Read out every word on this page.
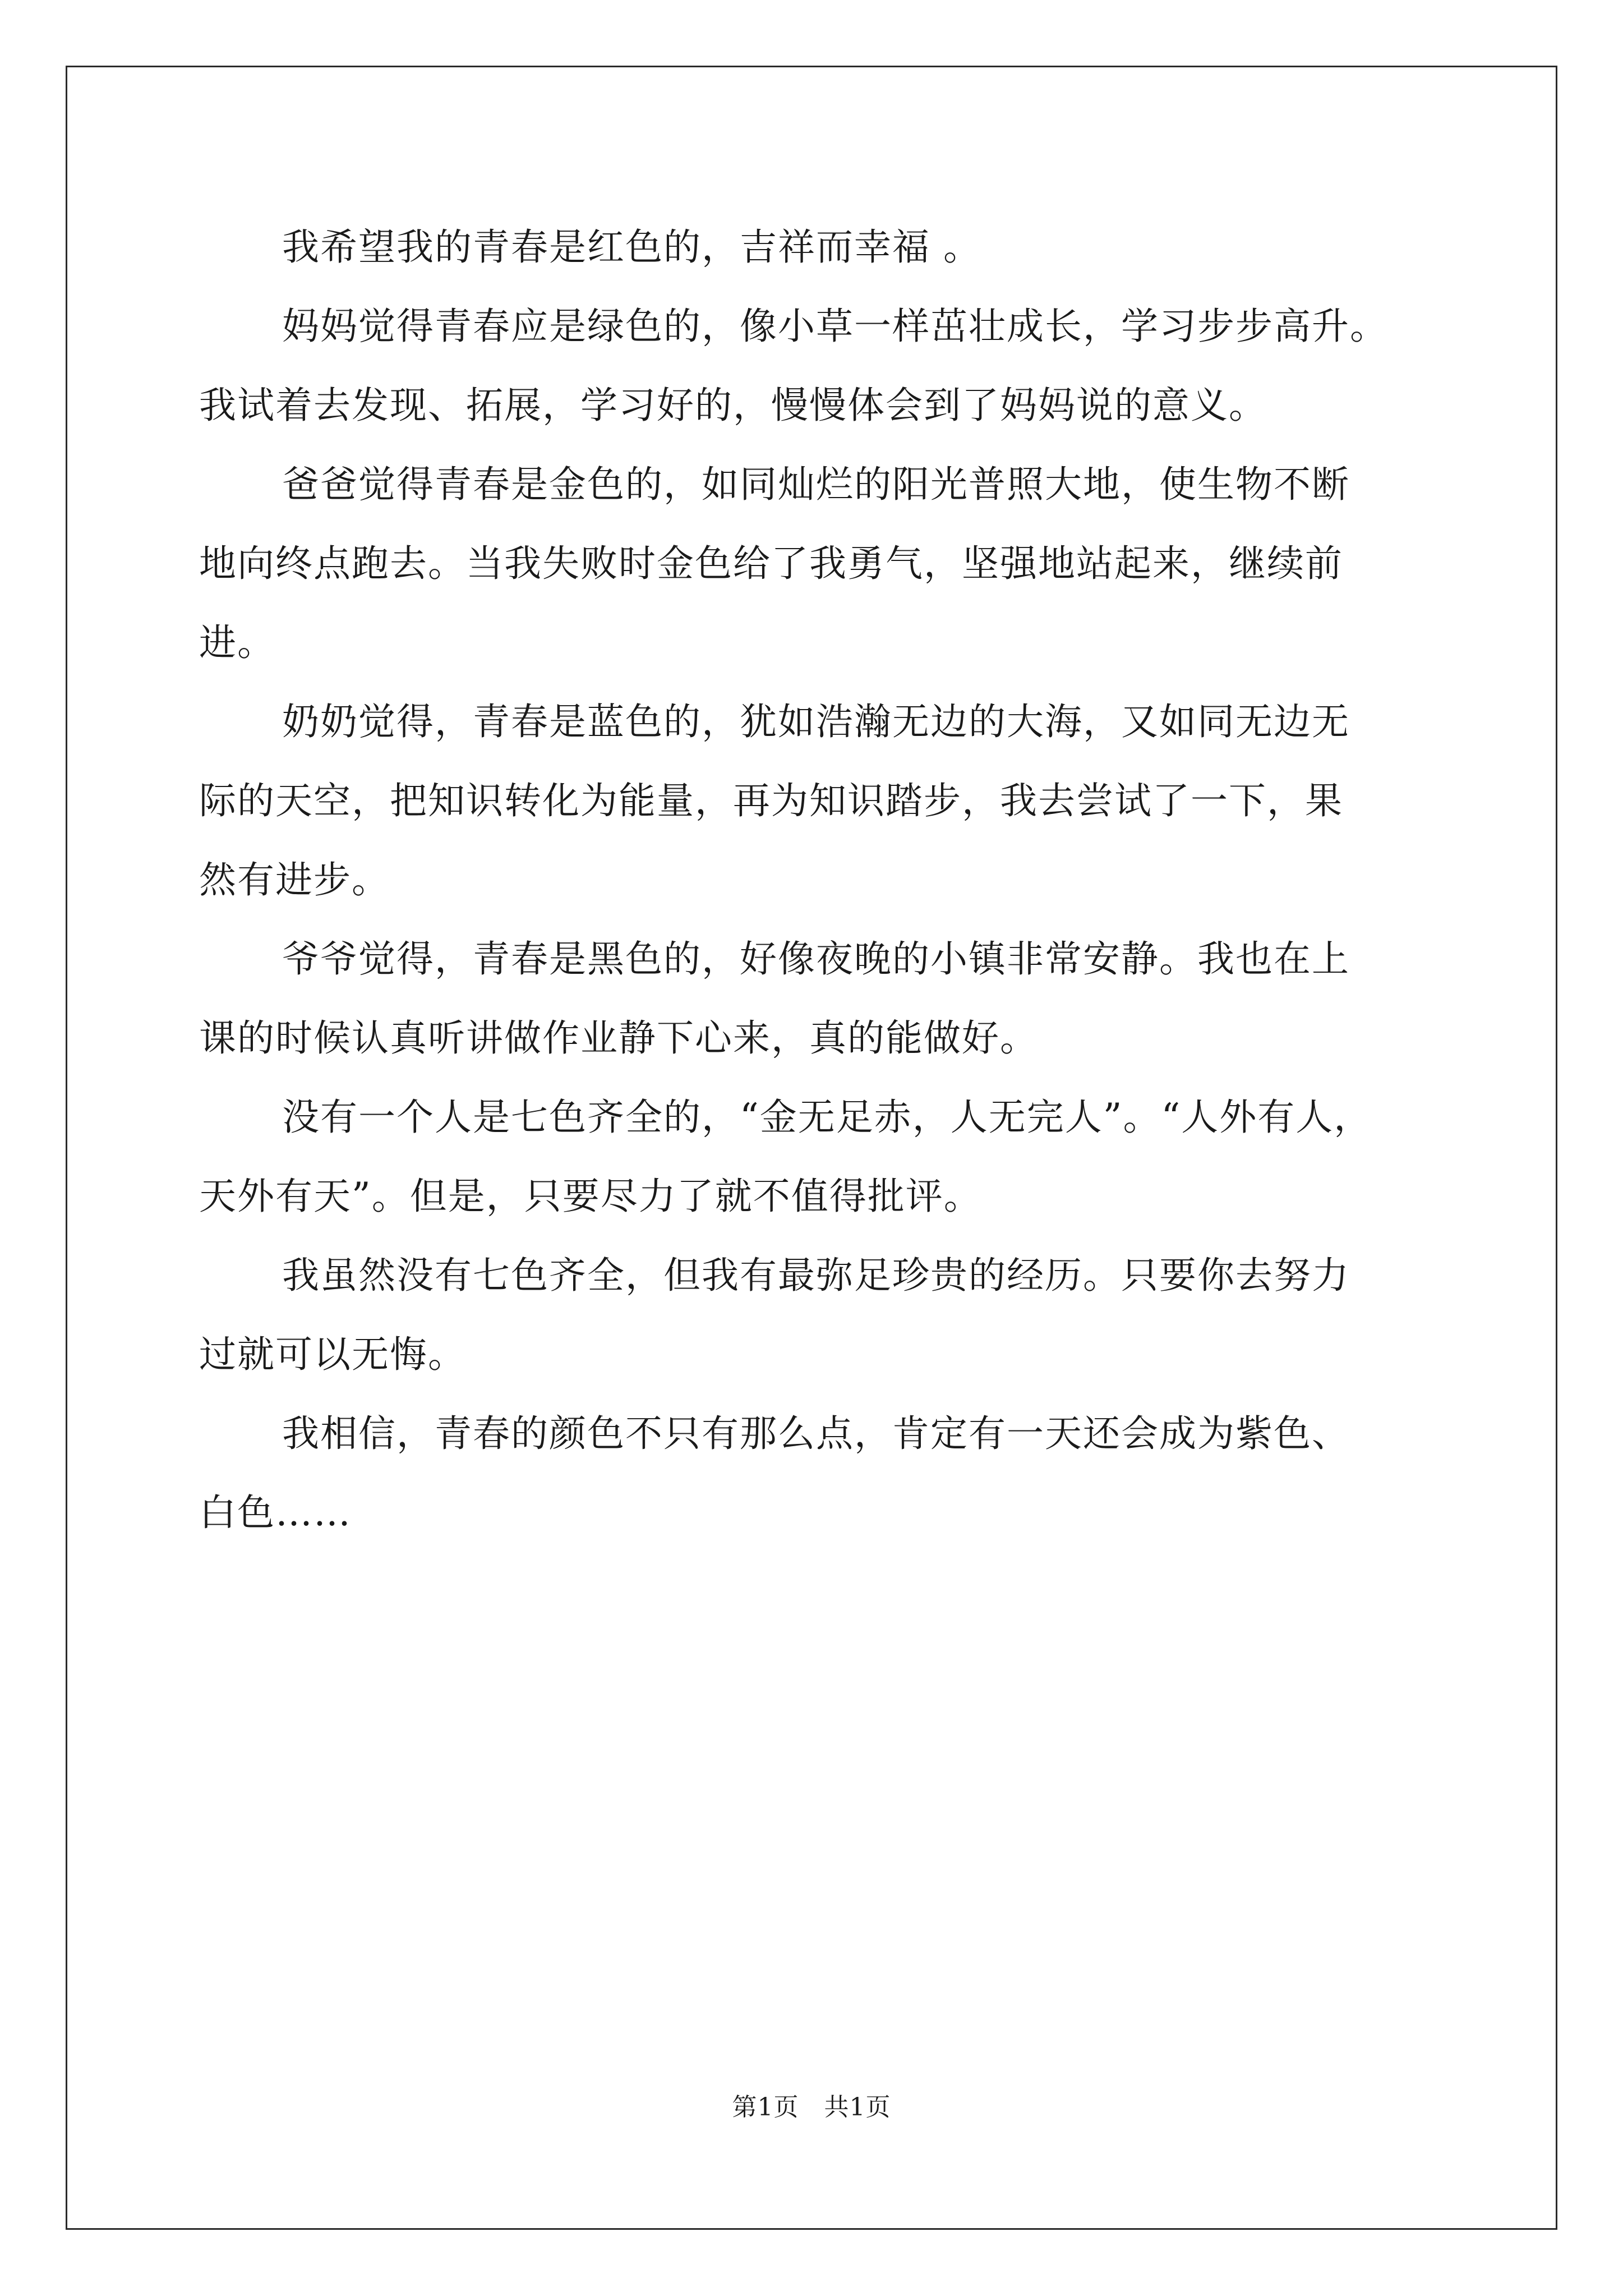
我希望我的青春是红色的，吉祥而幸福 。
妈妈觉得青春应是绿色的，像小草一样茁壮成长，学习步步高升。
我试着去发现、拓展，学习好的，慢慢体会到了妈妈说的意义。
爸爸觉得青春是金色的，如同灿烂的阳光普照大地，使生物不断
地向终点跑去。当我失败时金色给了我勇气，坚强地站起来，继续前
进。
奶奶觉得，青春是蓝色的，犹如浩瀚无边的大海，又如同无边无
际的天空，把知识转化为能量，再为知识踏步，我去尝试了一下，果
然有进步。
爷爷觉得，青春是黑色的，好像夜晚的小镇非常安静。我也在上
课的时候认真听讲做作业静下心来，真的能做好。
没有一个人是七色齐全的，“金无足赤，人无完人”。“人外有人，
天外有天”。但是，只要尽力了就不值得批评。
我虽然没有七色齐全，但我有最弥足珍贵的经历。只要你去努力
过就可以无悔。
我相信，青春的颜色不只有那么点，肯定有一天还会成为紫色、
白色……
第1页　共1页
